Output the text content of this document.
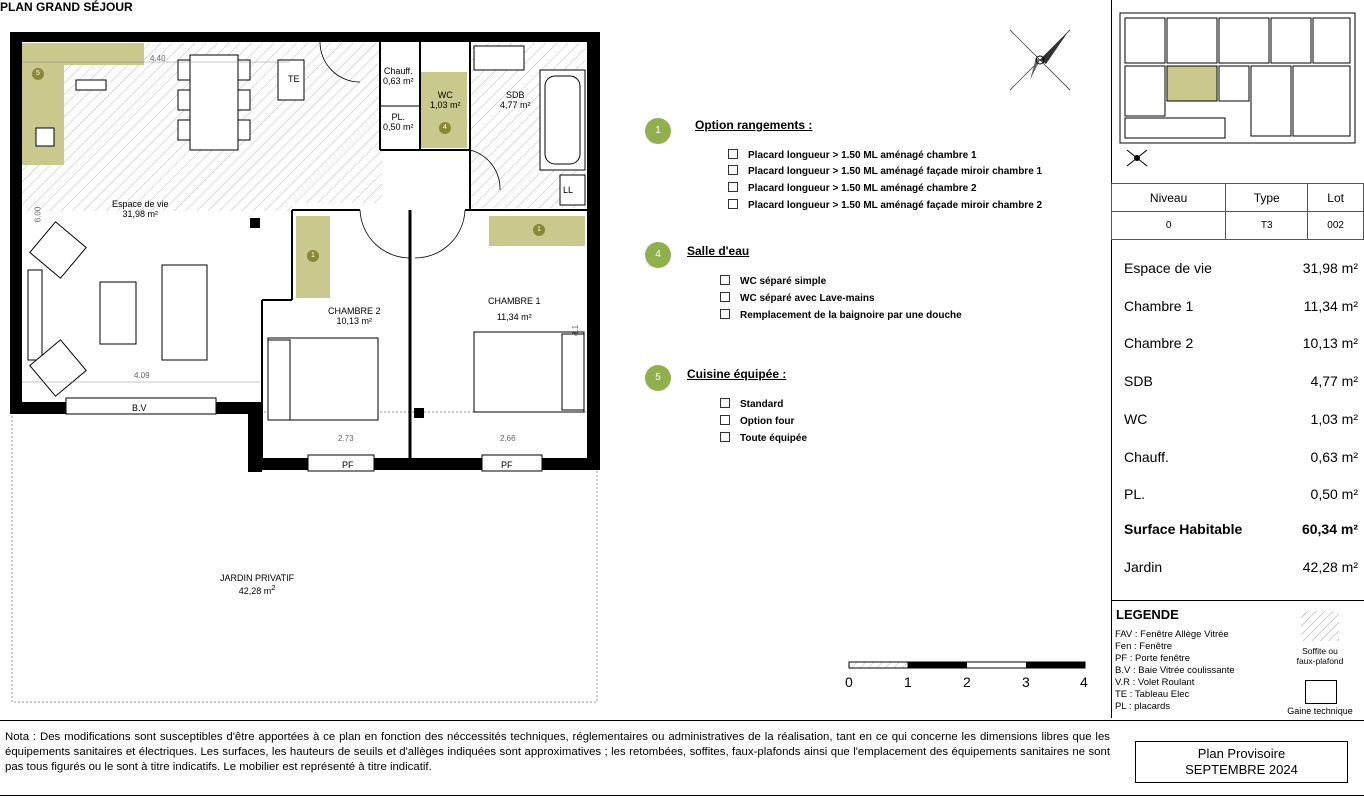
PLAN GRAND SÉJOUR
Espace de vie
31,98 m²
CHAMBRE 2
10,13 m²
CHAMBRE 1
11,34 m²
Chauff.
0,63 m²
PL.
0,50 m²
WC
1,03 m²
SDB
4,77 m²
JARDIN PRIVATIF
42,28 $m^2$
TE
LL
B.V
PF	PF
4.40
6.00
4.09
2.73	2.66
4.1
5
4
1
1
1	Option rangements :
Placard longueur > 1.50 ML aménagé chambre 1
Placard longueur > 1.50 ML aménagé façade miroir chambre 1
Placard longueur > 1.50 ML aménagé chambre 2
Placard longueur > 1.50 ML aménagé façade miroir chambre 2
4	Salle d'eau
WC séparé simple
WC séparé avec Lave-mains
Remplacement de la baignoire par une douche
5	Cuisine équipée :
Standard
Option four
Toute équipée
Niveau	Type	Lot
0	T3	002
Espace de vie	31,98 m²
Chambre 1	11,34 m²
Chambre 2	10,13 m²
SDB	4,77 m²
WC	1,03 m²
Chauff.	0,63 m²
PL.	0,50 m²
Surface Habitable	60,34 m²
Jardin	42,28 m²
LEGENDE
FAV : Fenêtre Allège Vitrée
Fen : Fenêtre
PF : Porte fenêtre
B.V : Baie Vitrée coulissante
V.R : Volet Roulant
TE : Tableau Elec
PL : placards
Soffite ou faux-plafond
Gaine technique
0	1	2	3	4
Nota : Des modifications sont susceptibles d'être apportées à ce plan en fonction des néccessités techniques, réglementaires ou administratives de la réalisation, tant en ce qui concerne les dimensions libres que les équipements sanitaires et électriques. Les surfaces, les hauteurs de seuils et d'allèges indiquées sont approximatives ; les retombées, soffites, faux-plafonds ainsi que l'emplacement des équipements sanitaires ne sont pas tous figurés ou le sont à titre indicatifs. Le mobilier est représenté à titre indicatif.
Plan Provisoire
SEPTEMBRE 2024
